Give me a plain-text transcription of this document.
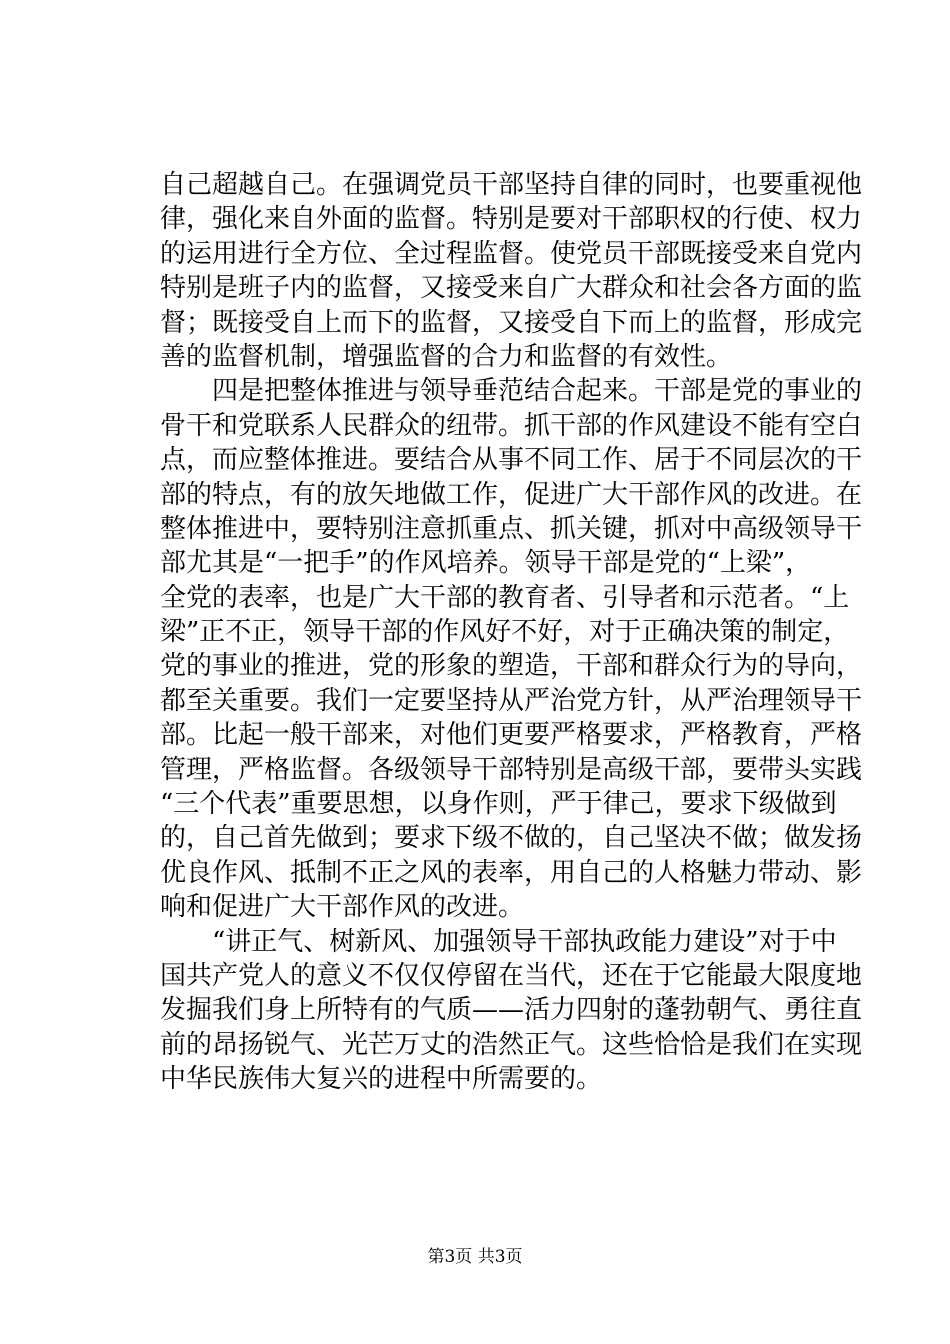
自己超越自己。在强调党员干部坚持自律的同时，也要重视他
律，强化来自外面的监督。特别是要对干部职权的行使、权力
的运用进行全方位、全过程监督。使党员干部既接受来自党内
特别是班子内的监督，又接受来自广大群众和社会各方面的监
督；既接受自上而下的监督，又接受自下而上的监督，形成完
善的监督机制，增强监督的合力和监督的有效性。
　　四是把整体推进与领导垂范结合起来。干部是党的事业的
骨干和党联系人民群众的纽带。抓干部的作风建设不能有空白
点，而应整体推进。要结合从事不同工作、居于不同层次的干
部的特点，有的放矢地做工作，促进广大干部作风的改进。在
整体推进中，要特别注意抓重点、抓关键，抓对中高级领导干
部尤其是“一把手”的作风培养。领导干部是党的“上梁”，
全党的表率，也是广大干部的教育者、引导者和示范者。“上
梁”正不正，领导干部的作风好不好，对于正确决策的制定，
党的事业的推进，党的形象的塑造，干部和群众行为的导向，
都至关重要。我们一定要坚持从严治党方针，从严治理领导干
部。比起一般干部来，对他们更要严格要求，严格教育，严格
管理，严格监督。各级领导干部特别是高级干部，要带头实践
“三个代表”重要思想，以身作则，严于律己，要求下级做到
的，自己首先做到；要求下级不做的，自己坚决不做；做发扬
优良作风、抵制不正之风的表率，用自己的人格魅力带动、影
响和促进广大干部作风的改进。
　　“讲正气、树新风、加强领导干部执政能力建设”对于中
国共产党人的意义不仅仅停留在当代，还在于它能最大限度地
发掘我们身上所特有的气质——活力四射的蓬勃朝气、勇往直
前的昂扬锐气、光芒万丈的浩然正气。这些恰恰是我们在实现
中华民族伟大复兴的进程中所需要的。
第3页 共3页
